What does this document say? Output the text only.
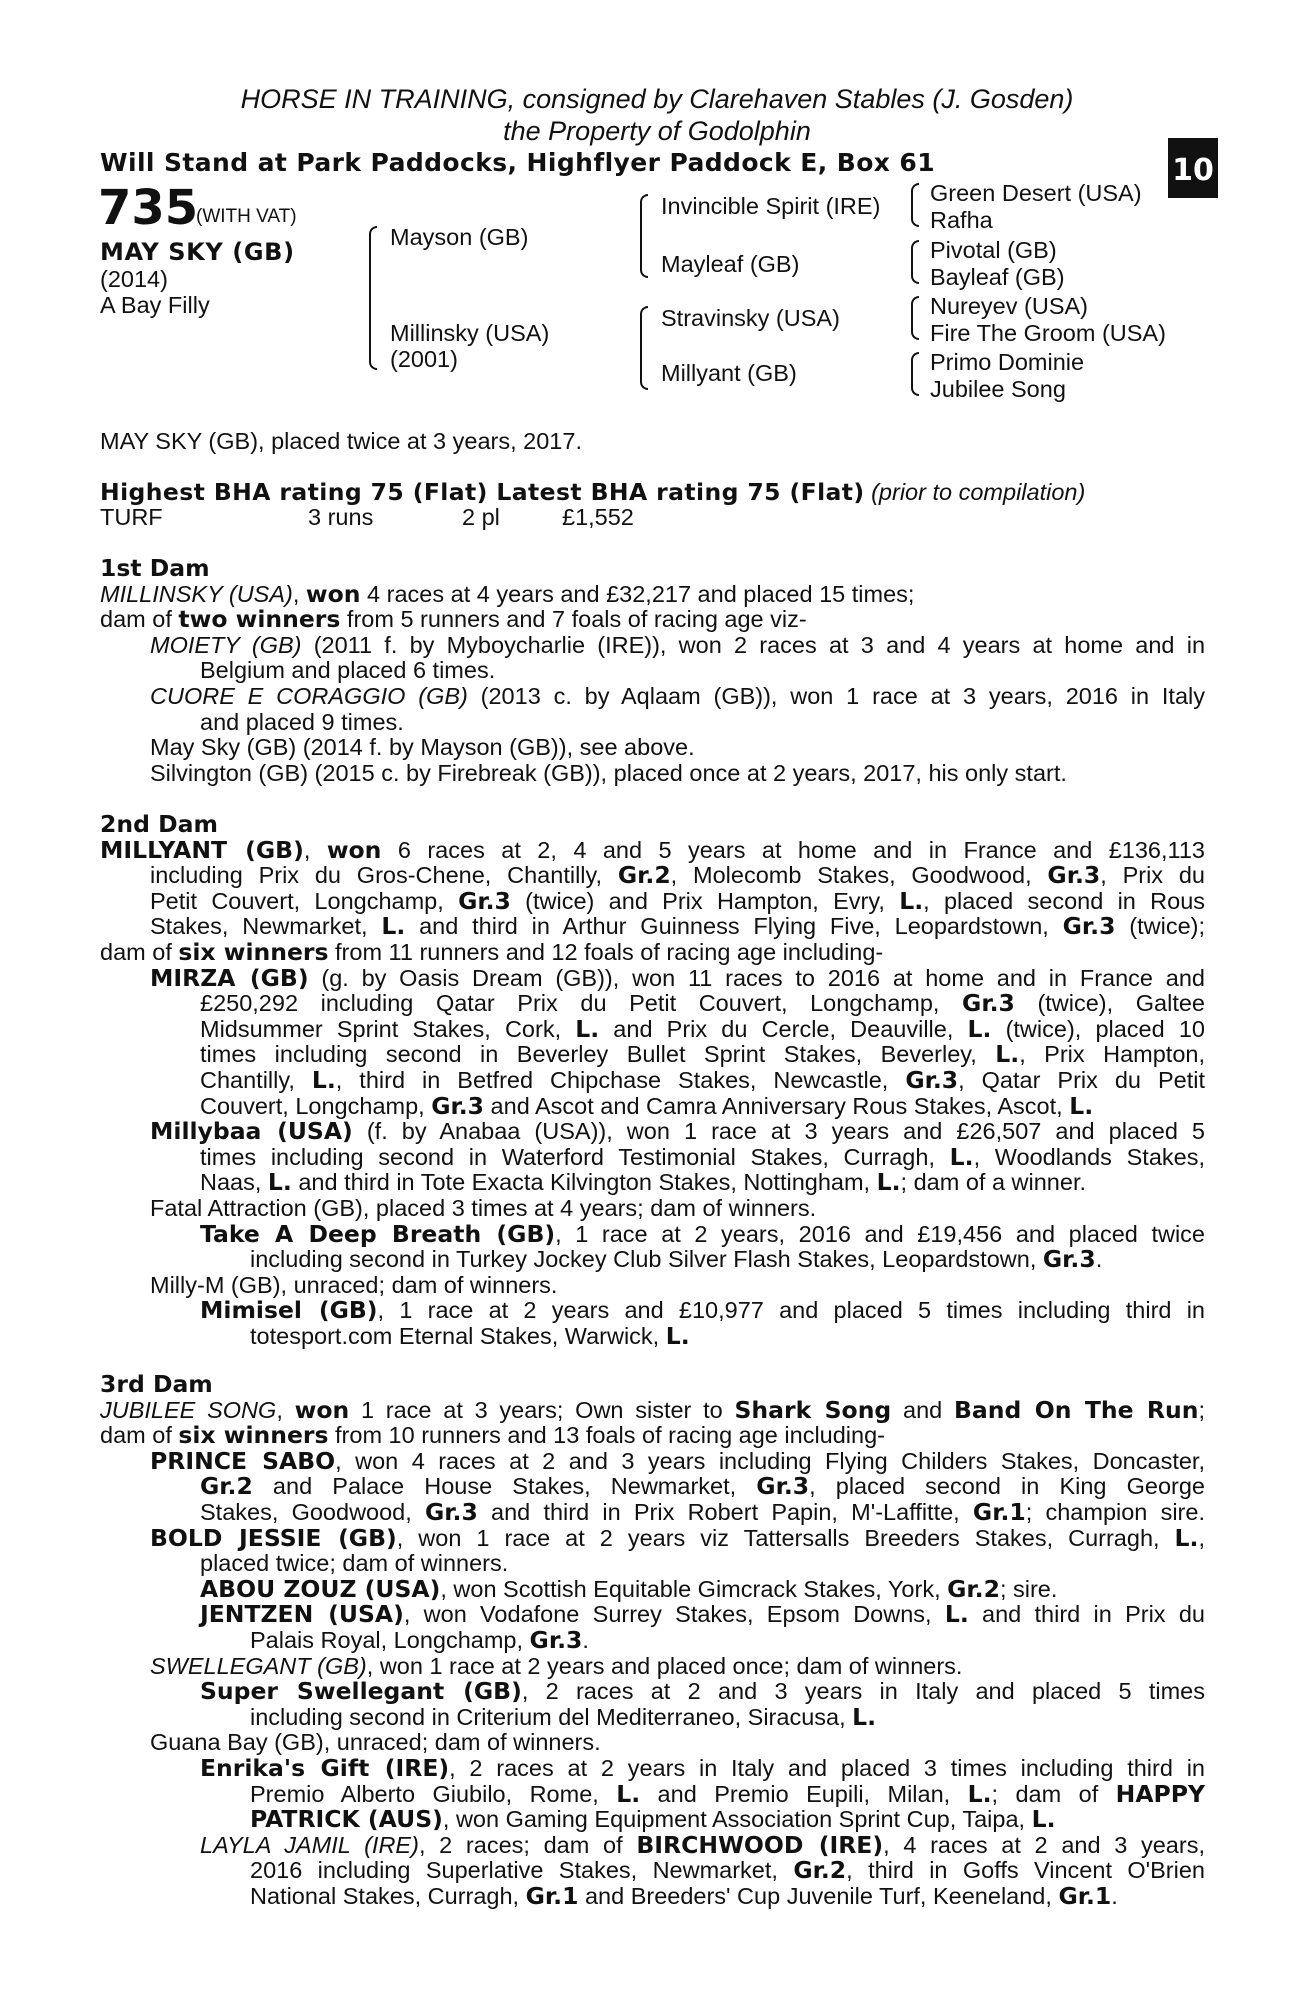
HORSE IN TRAINING, consigned by Clarehaven Stables (J. Gosden)
the Property of Godolphin
Will Stand at Park Paddocks, Highflyer Paddock E, Box 61
+
10
735
(WITH VAT)
MAY SKY (GB)
(2014)
A Bay Filly
Mayson (GB)
Millinsky (USA)
(2001)
Invincible Spirit (IRE)
Mayleaf (GB)
Stravinsky (USA)
Millyant (GB)
Green Desert (USA)
Rafha
Pivotal (GB)
Bayleaf (GB)
Nureyev (USA)
Fire The Groom (USA)
Primo Dominie
Jubilee Song
MAY SKY (GB), placed twice at 3 years, 2017.
Highest BHA rating 75 (Flat) Latest BHA rating 75 (Flat) (prior to compilation)
TURF	3 runs	2 pl	£1,552
1st Dam
MILLINSKY (USA), won 4 races at 4 years and £32,217 and placed 15 times;
dam of two winners from 5 runners and 7 foals of racing age viz-
MOIETY (GB) (2011 f. by Myboycharlie (IRE)), won 2 races at 3 and 4 years at home and in
Belgium and placed 6 times.
CUORE E CORAGGIO (GB) (2013 c. by Aqlaam (GB)), won 1 race at 3 years, 2016 in Italy
and placed 9 times.
May Sky (GB) (2014 f. by Mayson (GB)), see above.
Silvington (GB) (2015 c. by Firebreak (GB)), placed once at 2 years, 2017, his only start.
2nd Dam
MILLYANT (GB), won 6 races at 2, 4 and 5 years at home and in France and £136,113
including Prix du Gros-Chene, Chantilly, Gr.2, Molecomb Stakes, Goodwood, Gr.3, Prix du
Petit Couvert, Longchamp, Gr.3 (twice) and Prix Hampton, Evry, L., placed second in Rous
Stakes, Newmarket, L. and third in Arthur Guinness Flying Five, Leopardstown, Gr.3 (twice);
dam of six winners from 11 runners and 12 foals of racing age including-
MIRZA (GB) (g. by Oasis Dream (GB)), won 11 races to 2016 at home and in France and
£250,292 including Qatar Prix du Petit Couvert, Longchamp, Gr.3 (twice), Galtee
Midsummer Sprint Stakes, Cork, L. and Prix du Cercle, Deauville, L. (twice), placed 10
times including second in Beverley Bullet Sprint Stakes, Beverley, L., Prix Hampton,
Chantilly, L., third in Betfred Chipchase Stakes, Newcastle, Gr.3, Qatar Prix du Petit
Couvert, Longchamp, Gr.3 and Ascot and Camra Anniversary Rous Stakes, Ascot, L.
Millybaa (USA) (f. by Anabaa (USA)), won 1 race at 3 years and £26,507 and placed 5
times including second in Waterford Testimonial Stakes, Curragh, L., Woodlands Stakes,
Naas, L. and third in Tote Exacta Kilvington Stakes, Nottingham, L.; dam of a winner.
Fatal Attraction (GB), placed 3 times at 4 years; dam of winners.
Take A Deep Breath (GB), 1 race at 2 years, 2016 and £19,456 and placed twice
including second in Turkey Jockey Club Silver Flash Stakes, Leopardstown, Gr.3.
Milly-M (GB), unraced; dam of winners.
Mimisel (GB), 1 race at 2 years and £10,977 and placed 5 times including third in
totesport.com Eternal Stakes, Warwick, L.
3rd Dam
JUBILEE SONG, won 1 race at 3 years; Own sister to Shark Song and Band On The Run;
dam of six winners from 10 runners and 13 foals of racing age including-
PRINCE SABO, won 4 races at 2 and 3 years including Flying Childers Stakes, Doncaster,
Gr.2 and Palace House Stakes, Newmarket, Gr.3, placed second in King George
Stakes, Goodwood, Gr.3 and third in Prix Robert Papin, M'-Laffitte, Gr.1; champion sire.
BOLD JESSIE (GB), won 1 race at 2 years viz Tattersalls Breeders Stakes, Curragh, L.,
placed twice; dam of winners.
ABOU ZOUZ (USA), won Scottish Equitable Gimcrack Stakes, York, Gr.2; sire.
JENTZEN (USA), won Vodafone Surrey Stakes, Epsom Downs, L. and third in Prix du
Palais Royal, Longchamp, Gr.3.
SWELLEGANT (GB), won 1 race at 2 years and placed once; dam of winners.
Super Swellegant (GB), 2 races at 2 and 3 years in Italy and placed 5 times
including second in Criterium del Mediterraneo, Siracusa, L.
Guana Bay (GB), unraced; dam of winners.
Enrika's Gift (IRE), 2 races at 2 years in Italy and placed 3 times including third in
Premio Alberto Giubilo, Rome, L. and Premio Eupili, Milan, L.; dam of HAPPY
PATRICK (AUS), won Gaming Equipment Association Sprint Cup, Taipa, L.
LAYLA JAMIL (IRE), 2 races; dam of BIRCHWOOD (IRE), 4 races at 2 and 3 years,
2016 including Superlative Stakes, Newmarket, Gr.2, third in Goffs Vincent O'Brien
National Stakes, Curragh, Gr.1 and Breeders' Cup Juvenile Turf, Keeneland, Gr.1.
